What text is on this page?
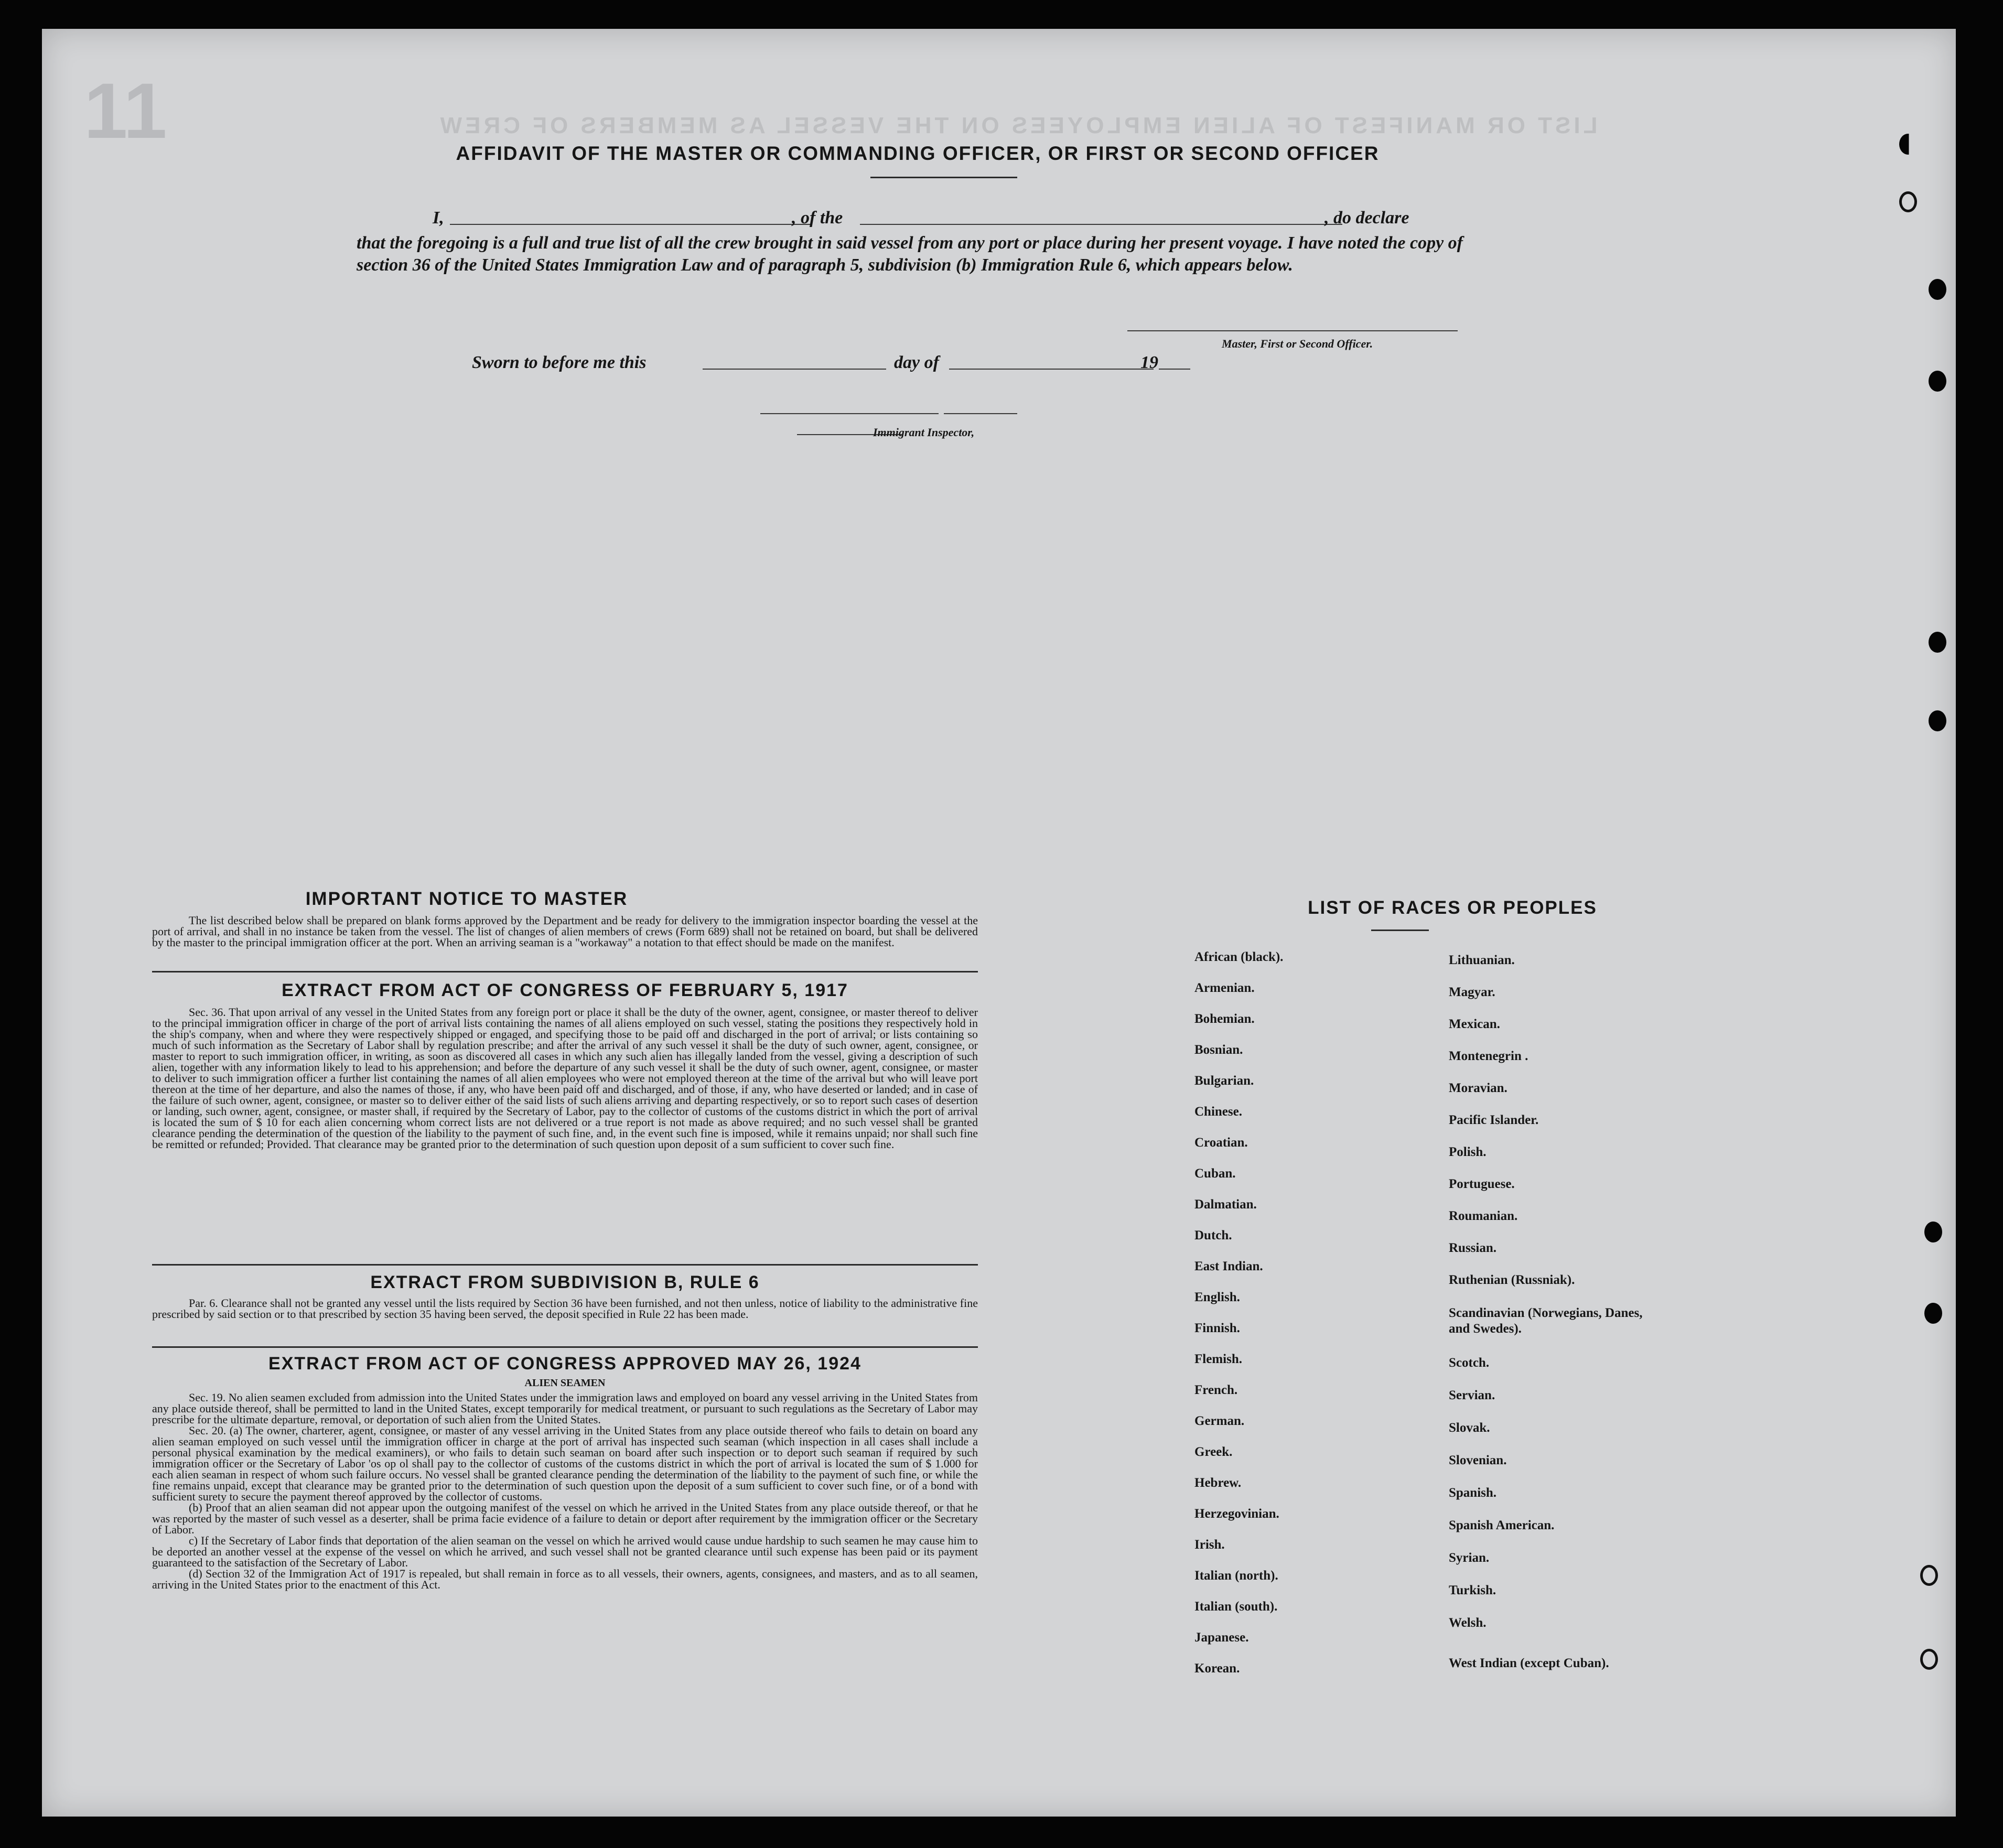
11	LIST OR MANIFEST OF ALIEN EMPLOYEES ON THE VESSEL AS MEMBERS OF CREW
AFFIDAVIT OF THE MASTER OR COMMANDING OFFICER, OR FIRST OR SECOND OFFICER
I,	, of the	, do declare
that the foregoing is a full and true list of all the crew brought in said vessel from any port or place during her present voyage. I have noted the copy of section 36 of the United States Immigration Law and of paragraph 5, subdivision (b) Immigration Rule 6, which appears below.
Master, First or Second Officer.
Sworn to before me this	day of	19
Immigrant Inspector,
IMPORTANT NOTICE TO MASTER

The list described below shall be prepared on blank forms approved by the Department and be ready for delivery to the immigration inspector boarding the vessel at the port of arrival, and shall in no instance be taken from the vessel. The list of changes of alien members of crews (Form 689) shall not be retained on board, but shall be delivered by the master to the principal immigration officer at the port. When an arriving seaman is a "workaway" a notation to that effect should be made on the manifest.

EXTRACT FROM ACT OF CONGRESS OF FEBRUARY 5, 1917

Sec. 36. That upon arrival of any vessel in the United States from any foreign port or place it shall be the duty of the owner, agent, consignee, or master thereof to deliver to the principal immigration officer in charge of the port of arrival lists containing the names of all aliens employed on such vessel, stating the positions they respectively hold in the ship's company, when and where they were respectively shipped or engaged, and specifying those to be paid off and discharged in the port of arrival; or lists containing so much of such information as the Secretary of Labor shall by regulation prescribe; and after the arrival of any such vessel it shall be the duty of such owner, agent, consignee, or master to report to such immigration officer, in writing, as soon as discovered all cases in which any such alien has illegally landed from the vessel, giving a description of such alien, together with any information likely to lead to his apprehension; and before the departure of any such vessel it shall be the duty of such owner, agent, consignee, or master to deliver to such immigration officer a further list containing the names of all alien employees who were not employed thereon at the time of the arrival but who will leave port thereon at the time of her departure, and also the names of those, if any, who have been paid off and discharged, and of those, if any, who have deserted or landed; and in case of the failure of such owner, agent, consignee, or master so to deliver either of the said lists of such aliens arriving and departing respectively, or so to report such cases of desertion or landing, such owner, agent, consignee, or master shall, if required by the Secretary of Labor, pay to the collector of customs of the customs district in which the port of arrival is located the sum of $ 10 for each alien concerning whom correct lists are not delivered or a true report is not made as above required; and no such vessel shall be granted clearance pending the determination of the question of the liability to the payment of such fine, and, in the event such fine is imposed, while it remains unpaid; nor shall such fine be remitted or refunded; Provided. That clearance may be granted prior to the determination of such question upon deposit of a sum sufficient to cover such fine.

EXTRACT FROM SUBDIVISION B, RULE 6

Par. 6. Clearance shall not be granted any vessel until the lists required by Section 36 have been furnished, and not then unless, notice of liability to the administrative fine prescribed by said section or to that prescribed by section 35 having been served, the deposit specified in Rule 22 has been made.

EXTRACT FROM ACT OF CONGRESS APPROVED MAY 26, 1924
ALIEN SEAMEN

Sec. 19. No alien seamen excluded from admission into the United States under the immigration laws and employed on board any vessel arriving in the United States from any place outside thereof, shall be permitted to land in the United States, except temporarily for medical treatment, or pursuant to such regulations as the Secretary of Labor may prescribe for the ultimate departure, removal, or deportation of such alien from the United States.

Sec. 20. (a) The owner, charterer, agent, consignee, or master of any vessel arriving in the United States from any place outside thereof who fails to detain on board any alien seaman employed on such vessel until the immigration officer in charge at the port of arrival has inspected such seaman (which inspection in all cases shall include a personal physical examination by the medical examiners), or who fails to detain such seaman on board after such inspection or to deport such seaman if required by such immigration officer or the Secretary of Labor 'os op ol shall pay to the collector of customs of the customs district in which the port of arrival is located the sum of $ 1.000 for each alien seaman in respect of whom such failure occurs. No vessel shall be granted clearance pending the determination of the liability to the payment of such fine, or while the fine remains unpaid, except that clearance may be granted prior to the determination of such question upon the deposit of a sum sufficient to cover such fine, or of a bond with sufficient surety to secure the payment thereof approved by the collector of customs.

(b) Proof that an alien seaman did not appear upon the outgoing manifest of the vessel on which he arrived in the United States from any place outside thereof, or that he was reported by the master of such vessel as a deserter, shall be prima facie evidence of a failure to detain or deport after requirement by the immigration officer or the Secretary of Labor.

c) If the Secretary of Labor finds that deportation of the alien seaman on the vessel on which he arrived would cause undue hardship to such seamen he may cause him to be deported an another vessel at the expense of the vessel on which he arrived, and such vessel shall not be granted clearance until such expense has been paid or its payment guaranteed to the satisfaction of the Secretary of Labor.

(d) Section 32 of the Immigration Act of 1917 is repealed, but shall remain in force as to all vessels, their owners, agents, consignees, and masters, and as to all seamen, arriving in the United States prior to the enactment of this Act.

LIST OF RACES OR PEOPLES
African (black).
Armenian.
Bohemian.
Bosnian.
Bulgarian.
Chinese.
Croatian.
Cuban.
Dalmatian.
Dutch.
East Indian.
English.
Finnish.
Flemish.
French.
German.
Greek.
Hebrew.
Herzegovinian.
Irish.
Italian (north).
Italian (south).
Japanese.
Korean.
Lithuanian.
Magyar.
Mexican.
Montenegrin .
Moravian.
Pacific Islander.
Polish.
Portuguese.
Roumanian.
Russian.
Ruthenian (Russniak).
Scandinavian (Norwegians, Danes, and Swedes).
Scotch.
Servian.
Slovak.
Slovenian.
Spanish.
Spanish American.
Syrian.
Turkish.
Welsh.
West Indian (except Cuban).
